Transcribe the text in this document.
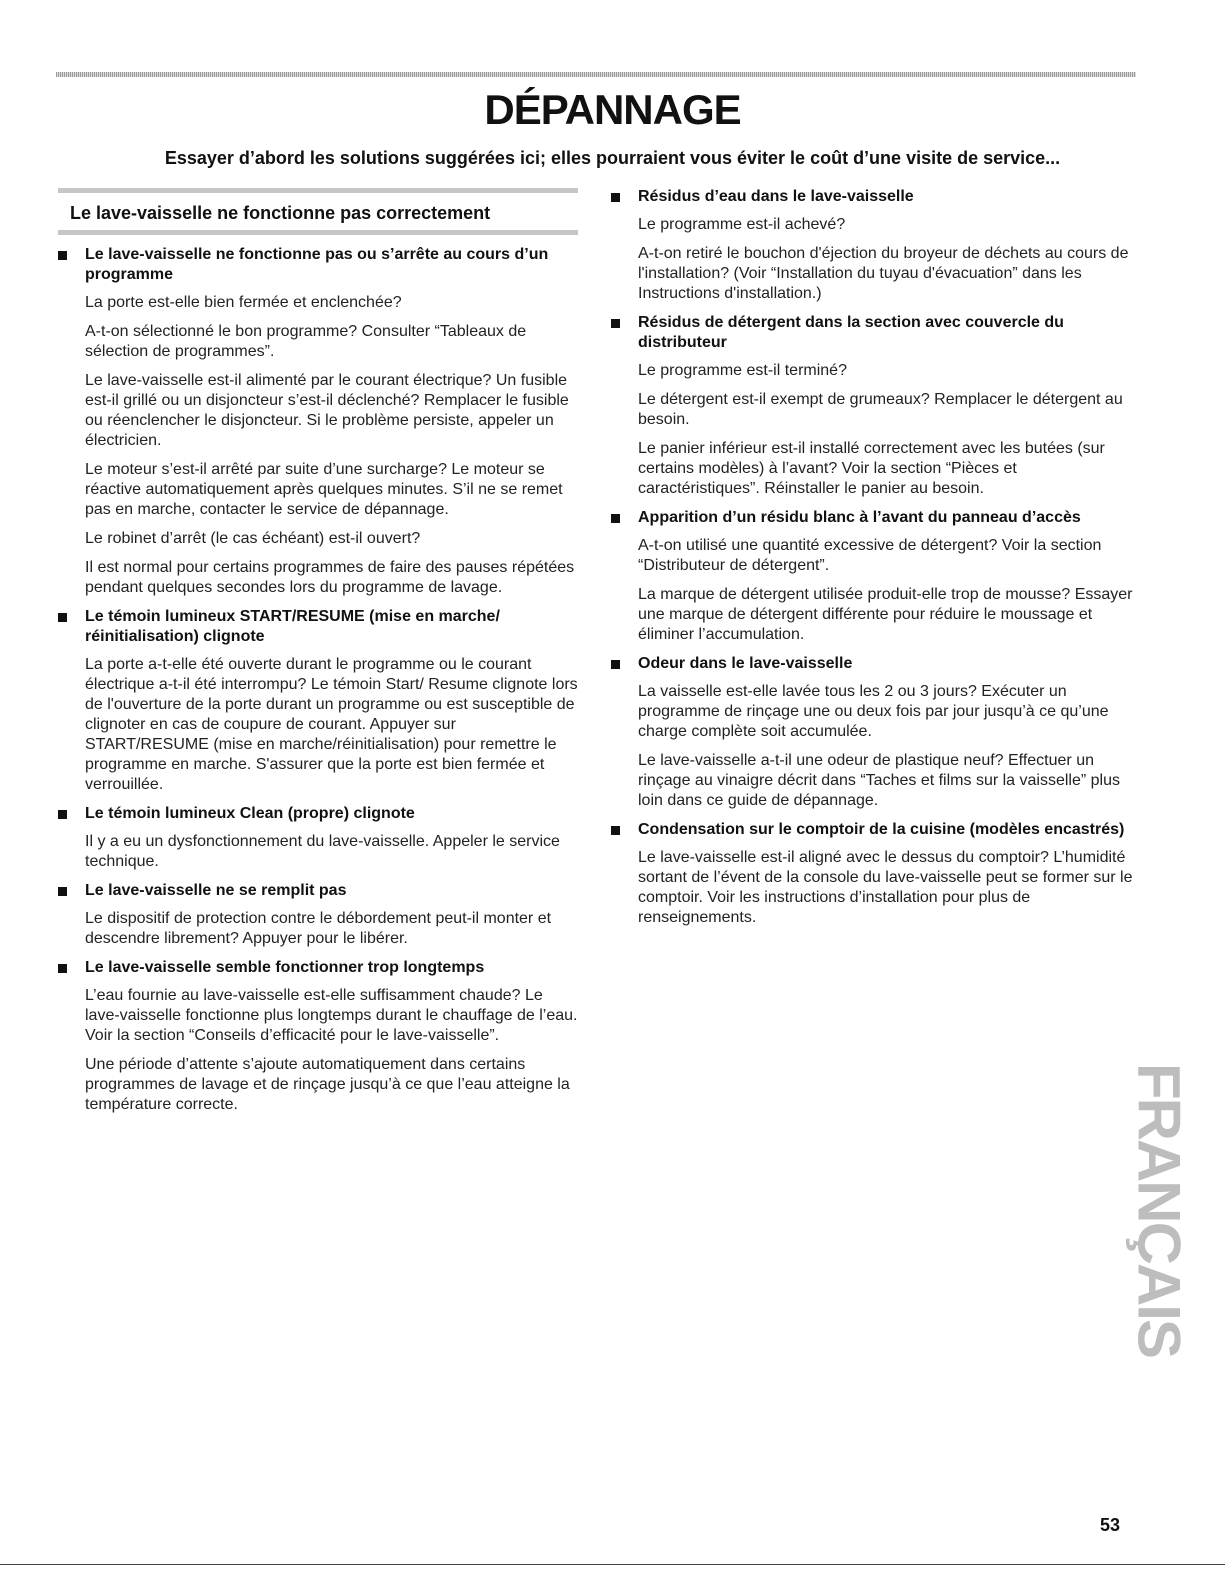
DÉPANNAGE

Essayer d’abord les solutions suggérées ici; elles pourraient vous éviter le coût d’une visite de service...

Le lave-vaisselle ne fonctionne pas correctement

Le lave-vaisselle ne fonctionne pas ou s’arrête au cours d’un programme

La porte est-elle bien fermée et enclenchée?

A-t-on sélectionné le bon programme? Consulter “Tableaux de sélection de programmes”.

Le lave-vaisselle est-il alimenté par le courant électrique? Un fusible est-il grillé ou un disjoncteur s’est-il déclenché? Remplacer le fusible ou réenclencher le disjoncteur. Si le problème persiste, appeler un électricien.

Le moteur s’est-il arrêté par suite d’une surcharge? Le moteur se réactive automatiquement après quelques minutes. S’il ne se remet pas en marche, contacter le service de dépannage.

Le robinet d’arrêt (le cas échéant) est-il ouvert?

Il est normal pour certains programmes de faire des pauses répétées pendant quelques secondes lors du programme de lavage.

Le témoin lumineux START/RESUME (mise en marche/ réinitialisation) clignote

La porte a-t-elle été ouverte durant le programme ou le courant électrique a-t-il été interrompu? Le témoin Start/ Resume clignote lors de l'ouverture de la porte durant un programme ou est susceptible de clignoter en cas de coupure de courant. Appuyer sur START/RESUME (mise en marche/réinitialisation) pour remettre le programme en marche. S'assurer que la porte est bien fermée et verrouillée.

Le témoin lumineux Clean (propre) clignote

Il y a eu un dysfonctionnement du lave-vaisselle. Appeler le service technique.

Le lave-vaisselle ne se remplit pas

Le dispositif de protection contre le débordement peut-il monter et descendre librement? Appuyer pour le libérer.

Le lave-vaisselle semble fonctionner trop longtemps

L’eau fournie au lave-vaisselle est-elle suffisamment chaude? Le lave-vaisselle fonctionne plus longtemps durant le chauffage de l’eau. Voir la section “Conseils d’efficacité pour le lave-vaisselle”.

Une période d’attente s’ajoute automatiquement dans certains programmes de lavage et de rinçage jusqu’à ce que l’eau atteigne la température correcte.

Résidus d’eau dans le lave-vaisselle

Le programme est-il achevé?

A-t-on retiré le bouchon d'éjection du broyeur de déchets au cours de l'installation? (Voir “Installation du tuyau d'évacuation” dans les Instructions d'installation.)

Résidus de détergent dans la section avec couvercle du distributeur

Le programme est-il terminé?

Le détergent est-il exempt de grumeaux? Remplacer le détergent au besoin.

Le panier inférieur est-il installé correctement avec les butées (sur certains modèles) à l’avant? Voir la section “Pièces et caractéristiques”. Réinstaller le panier au besoin.

Apparition d’un résidu blanc à l’avant du panneau d’accès

A-t-on utilisé une quantité excessive de détergent? Voir la section “Distributeur de détergent”.

La marque de détergent utilisée produit-elle trop de mousse? Essayer une marque de détergent différente pour réduire le moussage et éliminer l’accumulation.

Odeur dans le lave-vaisselle

La vaisselle est-elle lavée tous les 2 ou 3 jours? Exécuter un programme de rinçage une ou deux fois par jour jusqu’à ce qu’une charge complète soit accumulée.

Le lave-vaisselle a-t-il une odeur de plastique neuf? Effectuer un rinçage au vinaigre décrit dans “Taches et films sur la vaisselle” plus loin dans ce guide de dépannage.

Condensation sur le comptoir de la cuisine (modèles encastrés)

Le lave-vaisselle est-il aligné avec le dessus du comptoir? L’humidité sortant de l’évent de la console du lave-vaisselle peut se former sur le comptoir. Voir les instructions d’installation pour plus de renseignements.

FRANÇAIS
53
